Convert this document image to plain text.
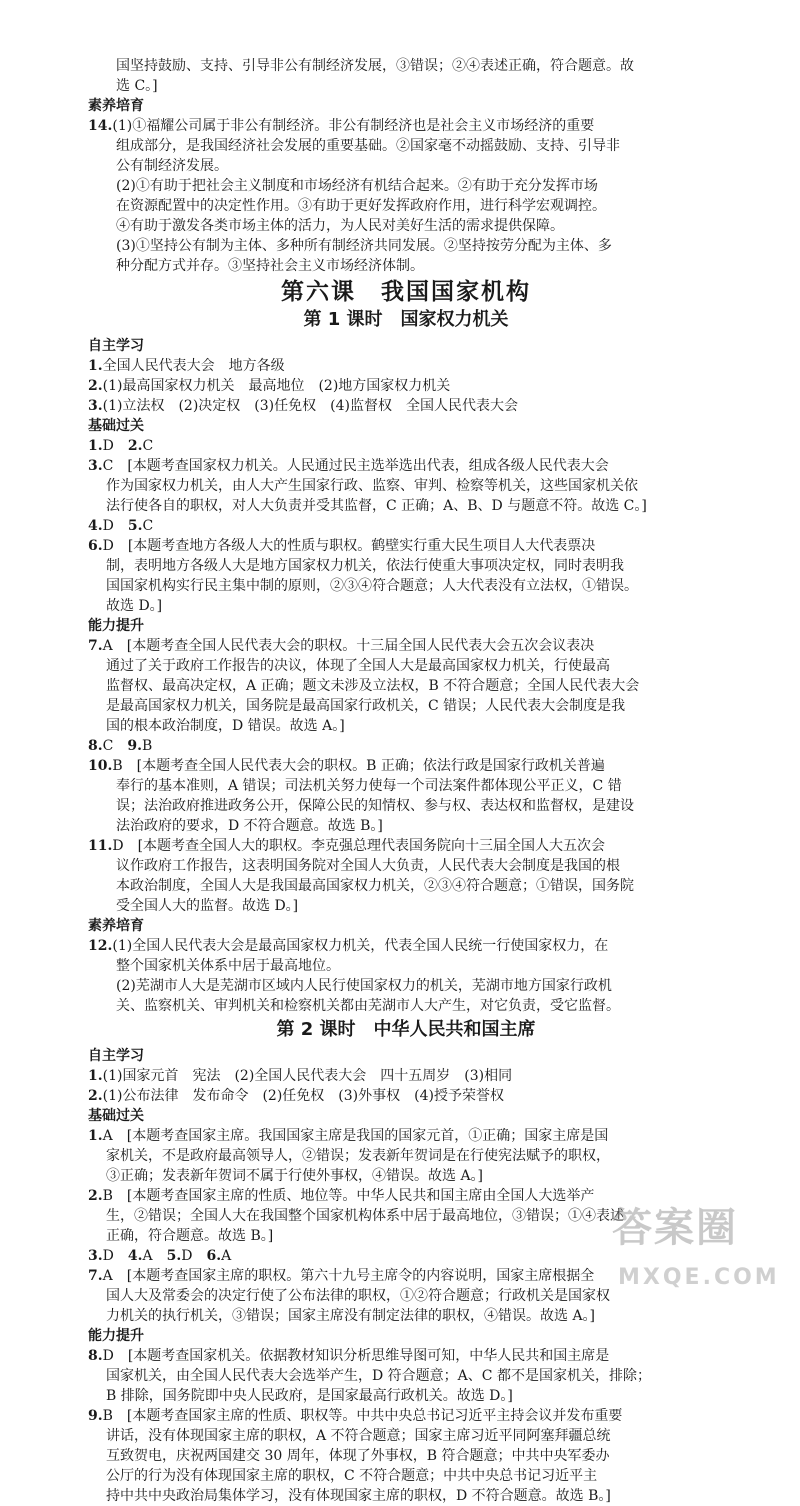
国坚持鼓励、支持、引导非公有制经济发展，③错误；②④表述正确，符合题意。故
选 C。]
素养培育
14.(1)①福耀公司属于非公有制经济。非公有制经济也是社会主义市场经济的重要
组成部分，是我国经济社会发展的重要基础。②国家毫不动摇鼓励、支持、引导非
公有制经济发展。
(2)①有助于把社会主义制度和市场经济有机结合起来。②有助于充分发挥市场
在资源配置中的决定性作用。③有助于更好发挥政府作用，进行科学宏观调控。
④有助于激发各类市场主体的活力，为人民对美好生活的需求提供保障。
(3)①坚持公有制为主体、多种所有制经济共同发展。②坚持按劳分配为主体、多
种分配方式并存。③坚持社会主义市场经济体制。
第六课　我国国家机构
第 1 课时　国家权力机关
自主学习
1.全国人民代表大会　地方各级
2.(1)最高国家权力机关　最高地位　(2)地方国家权力机关
3.(1)立法权　(2)决定权　(3)任免权　(4)监督权　全国人民代表大会
基础过关
1.D　2.C
3.C　[本题考查国家权力机关。人民通过民主选举选出代表，组成各级人民代表大会
作为国家权力机关，由人大产生国家行政、监察、审判、检察等机关，这些国家机关依
法行使各自的职权，对人大负责并受其监督，C 正确；A、B、D 与题意不符。故选 C。]
4.D　5.C
6.D　[本题考查地方各级人大的性质与职权。鹤壁实行重大民生项目人大代表票决
制，表明地方各级人大是地方国家权力机关，依法行使重大事项决定权，同时表明我
国国家机构实行民主集中制的原则，②③④符合题意；人大代表没有立法权，①错误。
故选 D。]
能力提升
7.A　[本题考查全国人民代表大会的职权。十三届全国人民代表大会五次会议表决
通过了关于政府工作报告的决议，体现了全国人大是最高国家权力机关，行使最高
监督权、最高决定权，A 正确；题文未涉及立法权，B 不符合题意；全国人民代表大会
是最高国家权力机关，国务院是最高国家行政机关，C 错误；人民代表大会制度是我
国的根本政治制度，D 错误。故选 A。]
8.C　9.B
10.B　[本题考查全国人民代表大会的职权。B 正确；依法行政是国家行政机关普遍
奉行的基本准则，A 错误；司法机关努力使每一个司法案件都体现公平正义，C 错
误；法治政府推进政务公开，保障公民的知情权、参与权、表达权和监督权，是建设
法治政府的要求，D 不符合题意。故选 B。]
11.D　[本题考查全国人大的职权。李克强总理代表国务院向十三届全国人大五次会
议作政府工作报告，这表明国务院对全国人大负责，人民代表大会制度是我国的根
本政治制度，全国人大是我国最高国家权力机关，②③④符合题意；①错误，国务院
受全国人大的监督。故选 D。]
素养培育
12.(1)全国人民代表大会是最高国家权力机关，代表全国人民统一行使国家权力，在
整个国家机关体系中居于最高地位。
(2)芜湖市人大是芜湖市区域内人民行使国家权力的机关，芜湖市地方国家行政机
关、监察机关、审判机关和检察机关都由芜湖市人大产生，对它负责，受它监督。
第 2 课时　中华人民共和国主席
自主学习
1.(1)国家元首　宪法　(2)全国人民代表大会　四十五周岁　(3)相同
2.(1)公布法律　发布命令　(2)任免权　(3)外事权　(4)授予荣誉权
基础过关
1.A　[本题考查国家主席。我国国家主席是我国的国家元首，①正确；国家主席是国
家机关，不是政府最高领导人，②错误；发表新年贺词是在行使宪法赋予的职权，
③正确；发表新年贺词不属于行使外事权，④错误。故选 A。]
2.B　[本题考查国家主席的性质、地位等。中华人民共和国主席由全国人大选举产
生，②错误；全国人大在我国整个国家机构体系中居于最高地位，③错误；①④表述
正确，符合题意。故选 B。]
3.D　4.A　5.D　6.A
7.A　[本题考查国家主席的职权。第六十九号主席令的内容说明，国家主席根据全
国人大及常委会的决定行使了公布法律的职权，①②符合题意；行政机关是国家权
力机关的执行机关，③错误；国家主席没有制定法律的职权，④错误。故选 A。]
能力提升
8.D　[本题考查国家机关。依据教材知识分析思维导图可知，中华人民共和国主席是
国家机关，由全国人民代表大会选举产生，D 符合题意；A、C 都不是国家机关，排除；
B 排除，国务院即中央人民政府，是国家最高行政机关。故选 D。]
9.B　[本题考查国家主席的性质、职权等。中共中央总书记习近平主持会议并发布重要
讲话，没有体现国家主席的职权，A 不符合题意；国家主席习近平同阿塞拜疆总统
互致贺电，庆祝两国建交 30 周年，体现了外事权，B 符合题意；中共中央军委办
公厅的行为没有体现国家主席的职权，C 不符合题意；中共中央总书记习近平主
持中共中央政治局集体学习，没有体现国家主席的职权，D 不符合题意。故选 B。]
答案圈
MXQE.COM
